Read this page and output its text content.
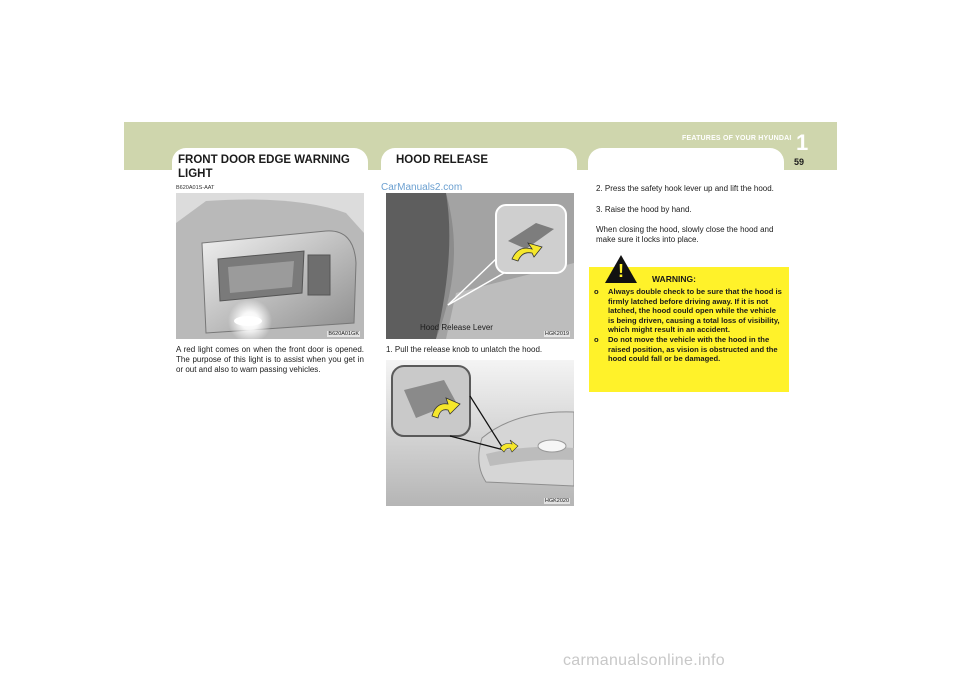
1
FEATURES OF YOUR HYUNDAI
59
FRONT DOOR EDGE WARNING LIGHT
B620A01S-AAT
B620A01GK
A red light comes on when the front door is opened. The purpose of this light is to assist when you get in or out and also to warn passing vehicles.
HOOD RELEASE
CarManuals2.com
Hood Release Lever
HGK2019
1. Pull the release knob to unlatch the hood.
HGK2020
2. Press the safety hook lever up and lift the hood.
3. Raise the hood by hand.
When closing the hood, slowly close the hood and make sure it locks into place.
!	WARNING:
o Always double check to be sure that the hood is firmly latched before driving away. If it is not latched, the hood could open while the vehicle is being driven, causing a total loss of visibility, which might result in an accident.
o Do not move the vehicle with the hood in the raised position, as vision is obstructed and the hood could fall or be damaged.
carmanualsonline.info
